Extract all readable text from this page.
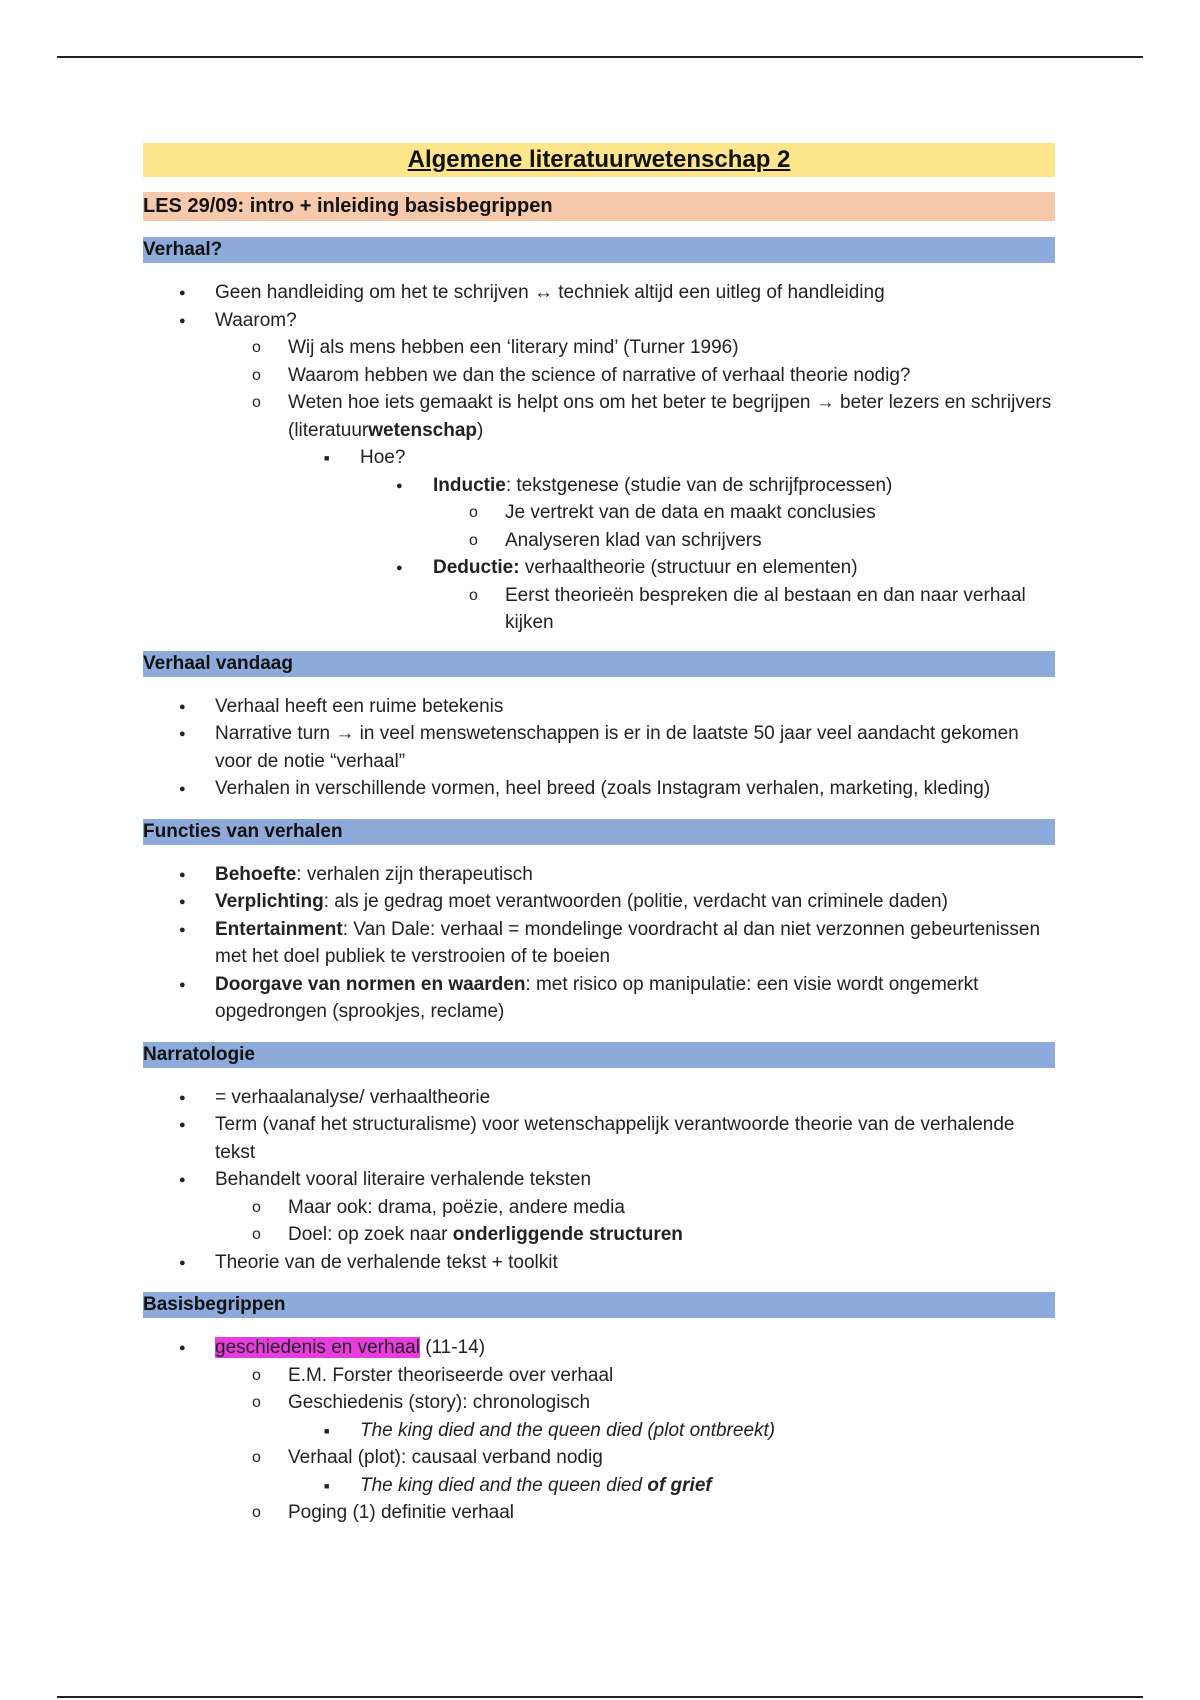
Algemene literatuurwetenschap 2
LES 29/09: intro + inleiding basisbegrippen
Verhaal?
● Geen handleiding om het te schrijven ↔ techniek altijd een uitleg of handleiding
● Waarom?
o Wij als mens hebben een ‘literary mind’ (Turner 1996)
o Waarom hebben we dan the science of narrative of verhaal theorie nodig?
o Weten hoe iets gemaakt is helpt ons om het beter te begrijpen → beter lezers en schrijvers (literatuurwetenschap)
■ Hoe?
● Inductie: tekstgenese (studie van de schrijfprocessen)
o Je vertrekt van de data en maakt conclusies
o Analyseren klad van schrijvers
● Deductie: verhaaltheorie (structuur en elementen)
o Eerst theorieën bespreken die al bestaan en dan naar verhaal kijken
Verhaal vandaag
● Verhaal heeft een ruime betekenis
● Narrative turn → in veel menswetenschappen is er in de laatste 50 jaar veel aandacht gekomen voor de notie “verhaal”
● Verhalen in verschillende vormen, heel breed (zoals Instagram verhalen, marketing, kleding)
Functies van verhalen
● Behoefte: verhalen zijn therapeutisch
● Verplichting: als je gedrag moet verantwoorden (politie, verdacht van criminele daden)
● Entertainment: Van Dale: verhaal = mondelinge voordracht al dan niet verzonnen gebeurtenissen met het doel publiek te verstrooien of te boeien
● Doorgave van normen en waarden: met risico op manipulatie: een visie wordt ongemerkt opgedrongen (sprookjes, reclame)
Narratologie
● = verhaalanalyse/ verhaaltheorie
● Term (vanaf het structuralisme) voor wetenschappelijk verantwoorde theorie van de verhalende tekst
● Behandelt vooral literaire verhalende teksten
o Maar ook: drama, poëzie, andere media
o Doel: op zoek naar onderliggende structuren
● Theorie van de verhalende tekst + toolkit
Basisbegrippen
● geschiedenis en verhaal (11-14)
o E.M. Forster theoriseerde over verhaal
o Geschiedenis (story): chronologisch
■ The king died and the queen died (plot ontbreekt)
o Verhaal (plot): causaal verband nodig
■ The king died and the queen died of grief
o Poging (1) definitie verhaal
